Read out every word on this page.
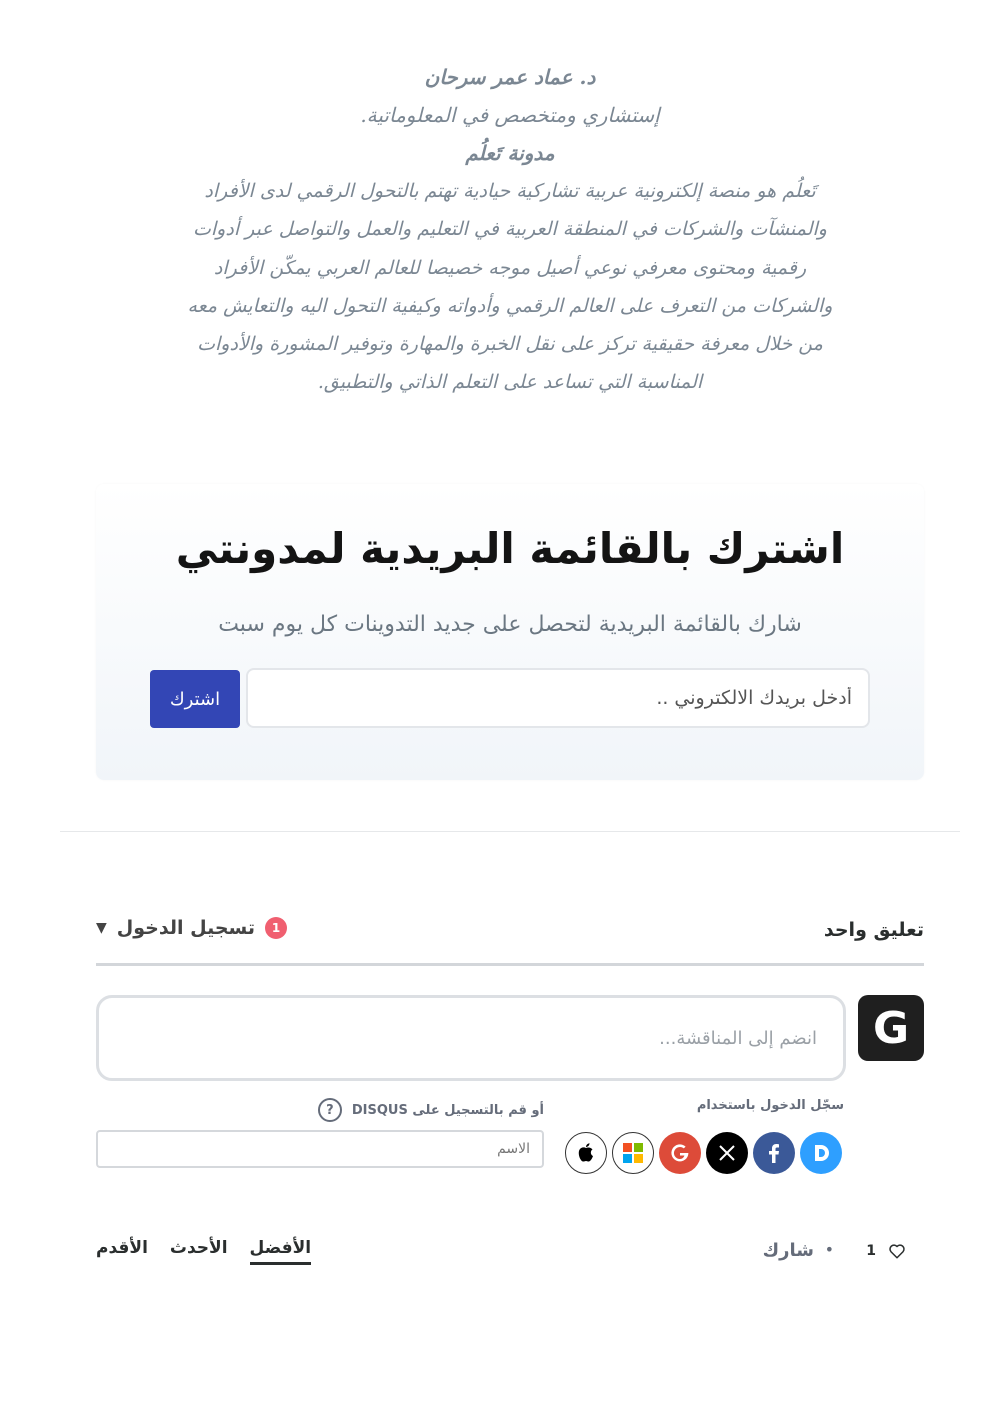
د. عماد عمر سرحان
إستشاري ومتخصص في المعلوماتية.
مدونة تَعلُم
تَعلُم هو منصة إلكترونية عربية تشاركية حيادية تهتم بالتحول الرقمي لدى الأفراد
والمنشآت والشركات في المنطقة العربية في التعليم والعمل والتواصل عبر أدوات
رقمية ومحتوى معرفي نوعي أصيل موجه خصيصا للعالم العربي يمكّن الأفراد
والشركات من التعرف على العالم الرقمي وأدواته وكيفية التحول اليه والتعايش معه
من خلال معرفة حقيقية تركز على نقل الخبرة والمهارة وتوفير المشورة والأدوات
المناسبة التي تساعد على التعلم الذاتي والتطبيق.
اشترك بالقائمة البريدية لمدونتي
شارك بالقائمة البريدية لتحصل على جديد التدوينات كل يوم سبت
أدخل بريدك الالكتروني ..
اشترك
تعليق واحد
1
تسجيل الدخول
▼
G
انضم إلى المناقشة...
سجّل الدخول باستخدام
أو قم بالتسجيل على DISQUS
?
الاسم
1
•
شارك
الأفضل
الأحدث
الأقدم
